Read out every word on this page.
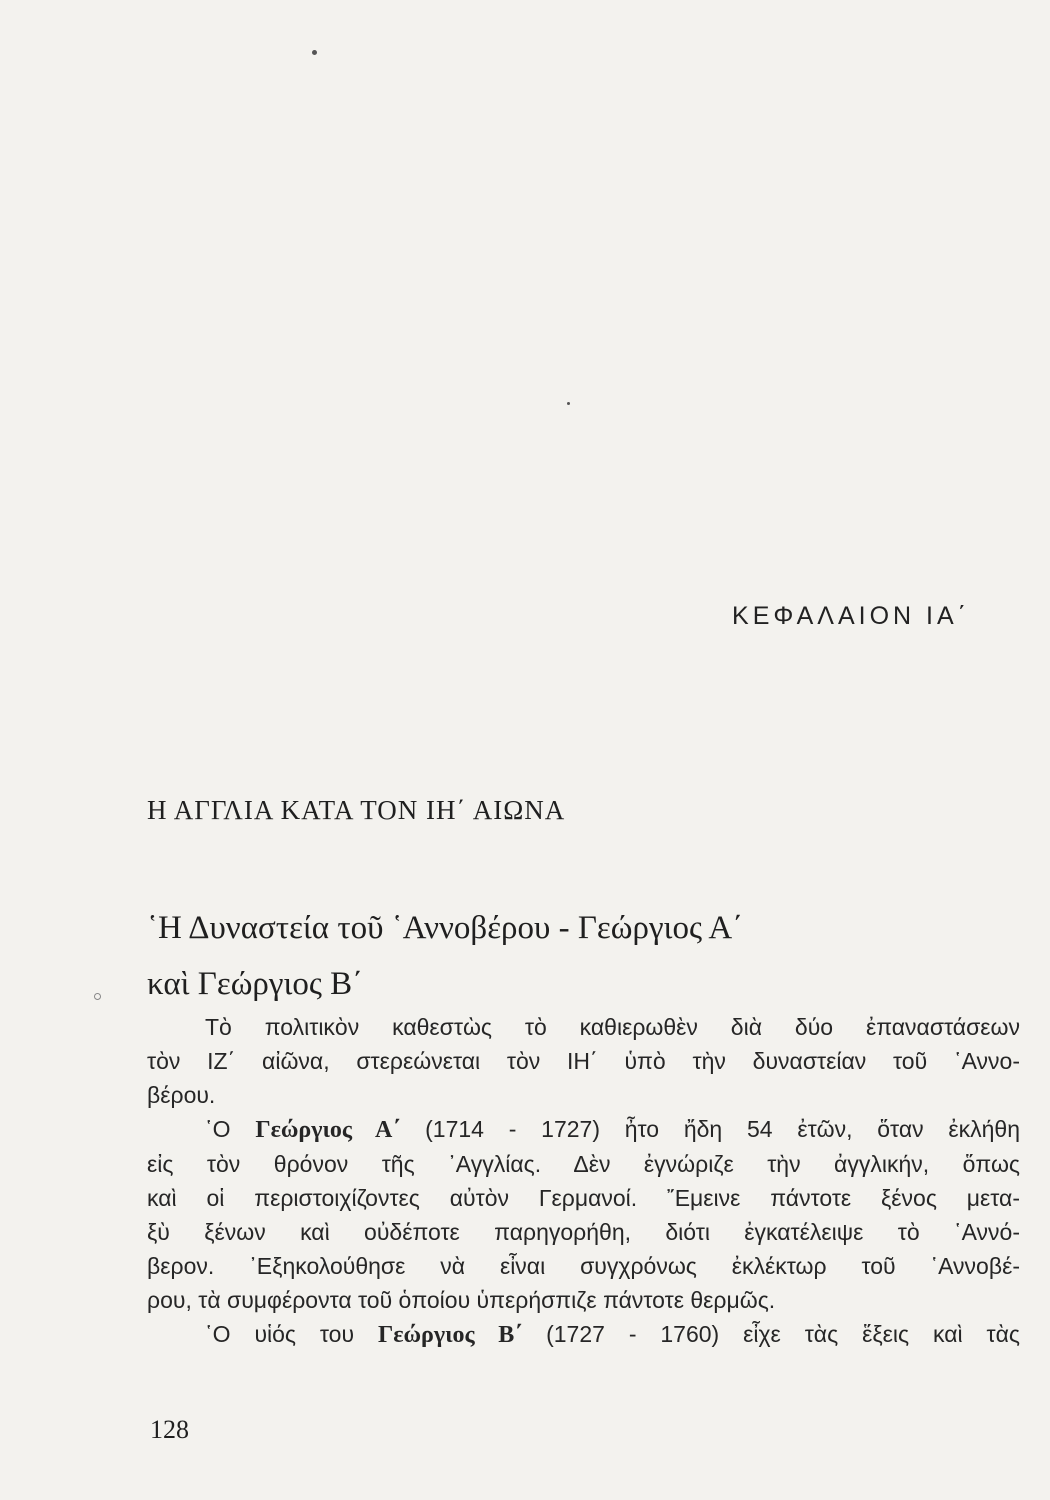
ΚΕΦΑΛΑΙΟΝ ΙΑ΄
Η ΑΓΓΛΙΑ ΚΑΤΑ ΤΟΝ ΙΗ΄ ΑΙΩΝΑ
῾Η Δυναστεία τοῦ ῾Αννοβέρου - Γεώργιος Α΄
καὶ Γεώργιος Β΄
Τὸ πολιτικὸν καθεστὼς τὸ καθιερωθὲν διὰ δύο ἐπαναστάσεων
τὸν ΙΖ΄ αἰῶνα, στερεώνεται τὸν ΙΗ΄ ὑπὸ τὴν δυναστείαν τοῦ ῾Αννο-
βέρου.
῾Ο Γεώργιος Α΄ (1714 - 1727) ἦτο ἤδη 54 ἐτῶν, ὅταν ἐκλήθη
εἰς τὸν θρόνον τῆς ᾿Αγγλίας. Δὲν ἐγνώριζε τὴν ἀγγλικήν, ὅπως
καὶ οἱ περιστοιχίζοντες αὐτὸν Γερμανοί. ῎Εμεινε πάντοτε ξένος μετα-
ξὺ ξένων καὶ οὐδέποτε παρηγορήθη, διότι ἐγκατέλειψε τὸ ῾Αννό-
βερον. ᾿Εξηκολούθησε νὰ εἶναι συγχρόνως ἐκλέκτωρ τοῦ ῾Αννοβέ-
ρου, τὰ συμφέροντα τοῦ ὁποίου ὑπερήσπιζε πάντοτε θερμῶς.
῾Ο υἱός του Γεώργιος Β΄ (1727 - 1760) εἶχε τὰς ἕξεις καὶ τὰς
128
